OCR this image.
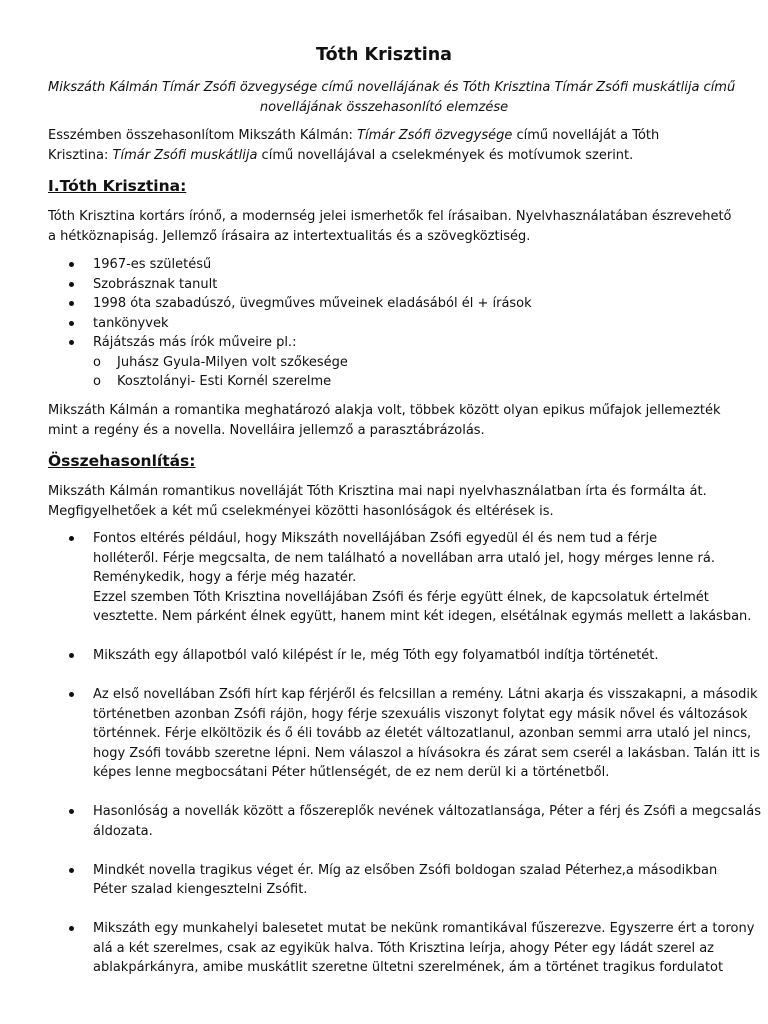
Tóth Krisztina
Mikszáth Kálmán Tímár Zsófi özvegysége című novellájának és Tóth Krisztina Tímár Zsófi muskátlija című
novellájának összehasonlító elemzése
Esszémben összehasonlítom Mikszáth Kálmán: Tímár Zsófi özvegysége című novelláját a Tóth
Krisztina: Tímár Zsófi muskátlija című novellájával a cselekmények és motívumok szerint.
I.Tóth Krisztina:
Tóth Krisztina kortárs írónő, a modernség jelei ismerhetők fel írásaiban. Nyelvhasználatában észrevehető
a hétköznapiság. Jellemző írásaira az intertextualitás és a szövegköztiség.
1967-es születésű
Szobrásznak tanult
1998 óta szabadúszó, üvegműves műveinek eladásából él + írások
tankönyvek
Rájátszás más írók műveire pl.:
o Juhász Gyula-Milyen volt szőkesége
o Kosztolányi- Esti Kornél szerelme
Mikszáth Kálmán a romantika meghatározó alakja volt, többek között olyan epikus műfajok jellemezték
mint a regény és a novella. Novelláira jellemző a parasztábrázolás.
Összehasonlítás:
Mikszáth Kálmán romantikus novelláját Tóth Krisztina mai napi nyelvhasználatban írta és formálta át.
Megfigyelhetőek a két mű cselekményei közötti hasonlóságok és eltérések is.
Fontos eltérés például, hogy Mikszáth novellájában Zsófi egyedül él és nem tud a férje
holléteről. Férje megcsalta, de nem található a novellában arra utaló jel, hogy mérges lenne rá.
Reménykedik, hogy a férje még hazatér.
Ezzel szemben Tóth Krisztina novellájában Zsófi és férje együtt élnek, de kapcsolatuk értelmét
vesztette. Nem párként élnek együtt, hanem mint két idegen, elsétálnak egymás mellett a lakásban.
Mikszáth egy állapotból való kilépést ír le, még Tóth egy folyamatból indítja történetét.
Az első novellában Zsófi hírt kap férjéről és felcsillan a remény. Látni akarja és visszakapni, a második
történetben azonban Zsófi rájön, hogy férje szexuális viszonyt folytat egy másik nővel és változások
történnek. Férje elköltözik és ő éli tovább az életét változatlanul, azonban semmi arra utaló jel nincs,
hogy Zsófi tovább szeretne lépni. Nem válaszol a hívásokra és zárat sem cserél a lakásban. Talán itt is
képes lenne megbocsátani Péter hűtlenségét, de ez nem derül ki a történetből.
Hasonlóság a novellák között a főszereplők nevének változatlansága, Péter a férj és Zsófi a megcsalás
áldozata.
Mindkét novella tragikus véget ér. Míg az elsőben Zsófi boldogan szalad Péterhez,a másodikban
Péter szalad kiengesztelni Zsófit.
Mikszáth egy munkahelyi balesetet mutat be nekünk romantikával fűszerezve. Egyszerre ért a torony
alá a két szerelmes, csak az egyikük halva. Tóth Krisztina leírja, ahogy Péter egy ládát szerel az
ablakpárkányra, amibe muskátlit szeretne ültetni szerelmének, ám a történet tragikus fordulatot
